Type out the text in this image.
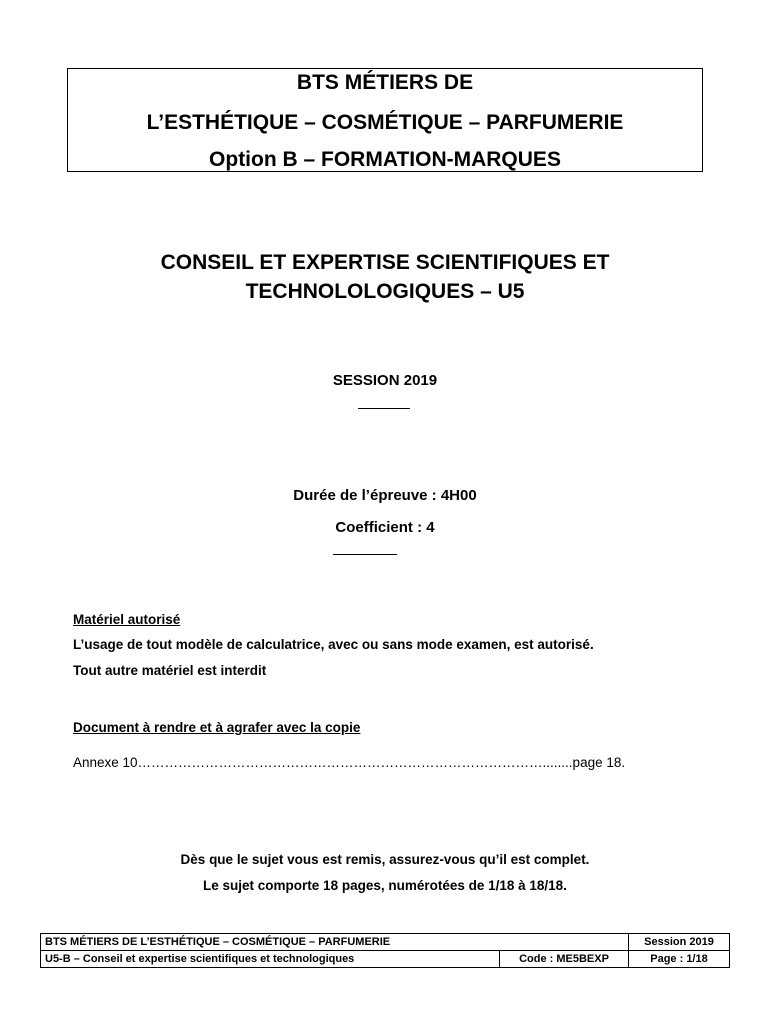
BTS MÉTIERS DE
L’ESTHÉTIQUE – COSMÉTIQUE – PARFUMERIE
Option B – FORMATION-MARQUES
CONSEIL ET EXPERTISE SCIENTIFIQUES ET
TECHNOLOLOGIQUES – U5
SESSION 2019
Durée de l’épreuve : 4H00
Coefficient : 4
Matériel autorisé
L’usage de tout modèle de calculatrice, avec ou sans mode examen, est autorisé.
Tout autre matériel est interdit
Document à rendre et à agrafer avec la copie
Annexe 10………………………………………………………………………………........page 18.
Dès que le sujet vous est remis, assurez-vous qu’il est complet.
Le sujet comporte 18 pages, numérotées de 1/18 à 18/18.
BTS MÉTIERS DE L’ESTHÉTIQUE – COSMÉTIQUE – PARFUMERIE		Session 2019
U5-B – Conseil et expertise scientifiques et technologiques	Code : ME5BEXP	Page : 1/18
